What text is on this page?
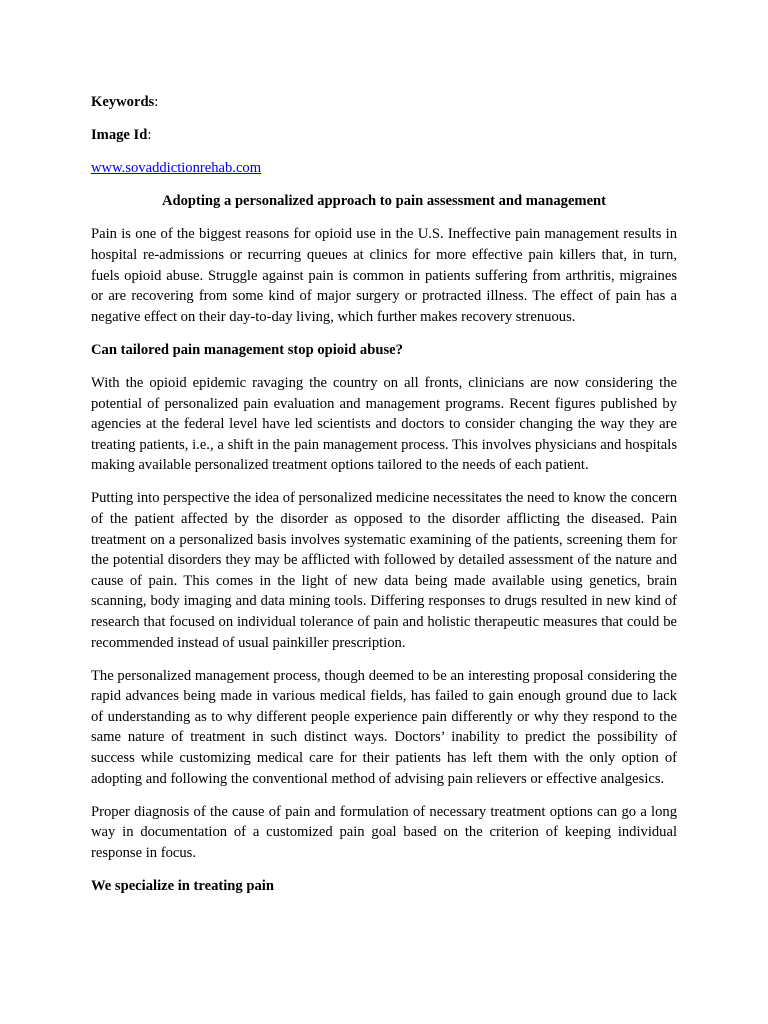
Keywords:

Image Id:

www.sovaddictionrehab.com

Adopting a personalized approach to pain assessment and management

Pain is one of the biggest reasons for opioid use in the U.S. Ineffective pain management results in hospital re-admissions or recurring queues at clinics for more effective pain killers that, in turn, fuels opioid abuse. Struggle against pain is common in patients suffering from arthritis, migraines or are recovering from some kind of major surgery or protracted illness. The effect of pain has a negative effect on their day-to-day living, which further makes recovery strenuous.

Can tailored pain management stop opioid abuse?

With the opioid epidemic ravaging the country on all fronts, clinicians are now considering the potential of personalized pain evaluation and management programs. Recent figures published by agencies at the federal level have led scientists and doctors to consider changing the way they are treating patients, i.e., a shift in the pain management process. This involves physicians and hospitals making available personalized treatment options tailored to the needs of each patient.

Putting into perspective the idea of personalized medicine necessitates the need to know the concern of the patient affected by the disorder as opposed to the disorder afflicting the diseased. Pain treatment on a personalized basis involves systematic examining of the patients, screening them for the potential disorders they may be afflicted with followed by detailed assessment of the nature and cause of pain. This comes in the light of new data being made available using genetics, brain scanning, body imaging and data mining tools. Differing responses to drugs resulted in new kind of research that focused on individual tolerance of pain and holistic therapeutic measures that could be recommended instead of usual painkiller prescription.

The personalized management process, though deemed to be an interesting proposal considering the rapid advances being made in various medical fields, has failed to gain enough ground due to lack of understanding as to why different people experience pain differently or why they respond to the same nature of treatment in such distinct ways. Doctors’ inability to predict the possibility of success while customizing medical care for their patients has left them with the only option of adopting and following the conventional method of advising pain relievers or effective analgesics.

Proper diagnosis of the cause of pain and formulation of necessary treatment options can go a long way in documentation of a customized pain goal based on the criterion of keeping individual response in focus.

We specialize in treating pain
